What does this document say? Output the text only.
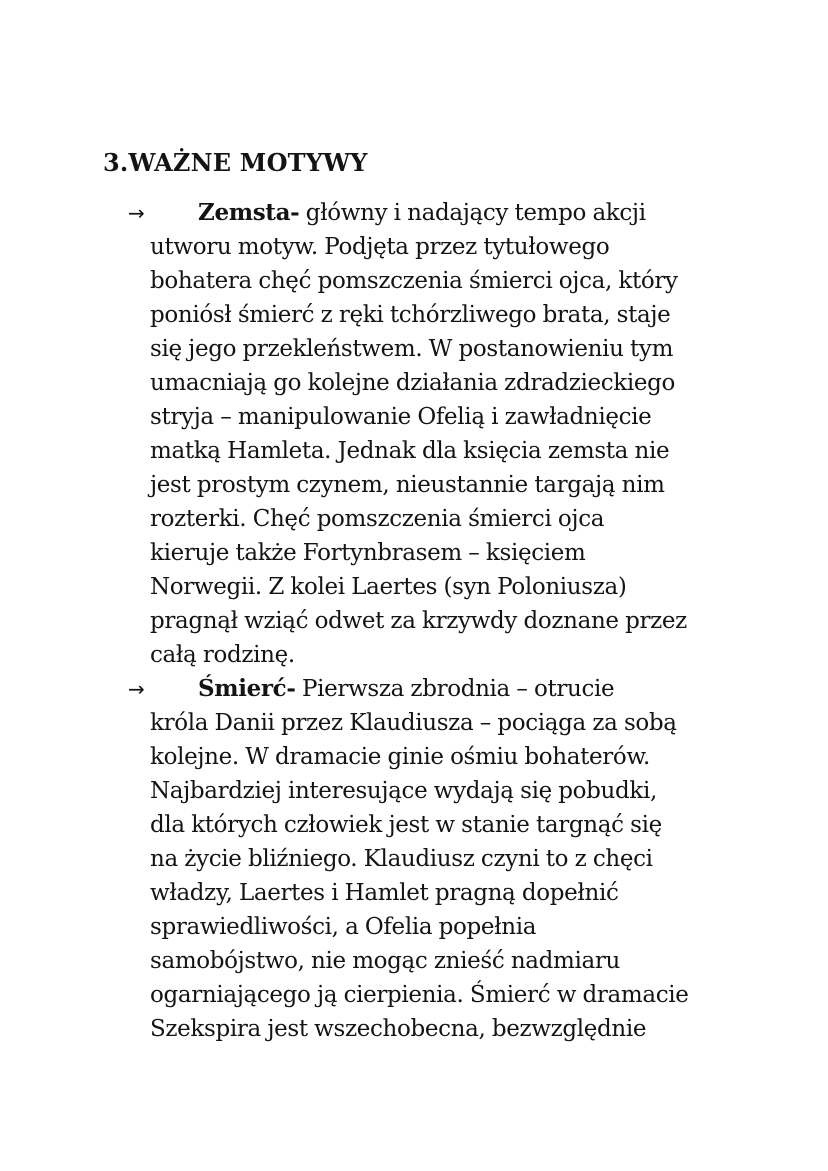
3.WAŻNE MOTYWY
→	Zemsta- główny i nadający tempo akcji
utworu motyw. Podjęta przez tytułowego
bohatera chęć pomszczenia śmierci ojca, który
poniósł śmierć z ręki tchórzliwego brata, staje
się jego przekleństwem. W postanowieniu tym
umacniają go kolejne działania zdradzieckiego
stryja – manipulowanie Ofelią i zawładnięcie
matką Hamleta. Jednak dla księcia zemsta nie
jest prostym czynem, nieustannie targają nim
rozterki. Chęć pomszczenia śmierci ojca
kieruje także Fortynbrasem – księciem
Norwegii. Z kolei Laertes (syn Poloniusza)
pragnął wziąć odwet za krzywdy doznane przez
całą rodzinę.

→	Śmierć- Pierwsza zbrodnia – otrucie
króla Danii przez Klaudiusza – pociąga za sobą
kolejne. W dramacie ginie ośmiu bohaterów.
Najbardziej interesujące wydają się pobudki,
dla których człowiek jest w stanie targnąć się
na życie bliźniego. Klaudiusz czyni to z chęci
władzy, Laertes i Hamlet pragną dopełnić
sprawiedliwości, a Ofelia popełnia
samobójstwo, nie mogąc znieść nadmiaru
ogarniającego ją cierpienia. Śmierć w dramacie
Szekspira jest wszechobecna, bezwzględnie
